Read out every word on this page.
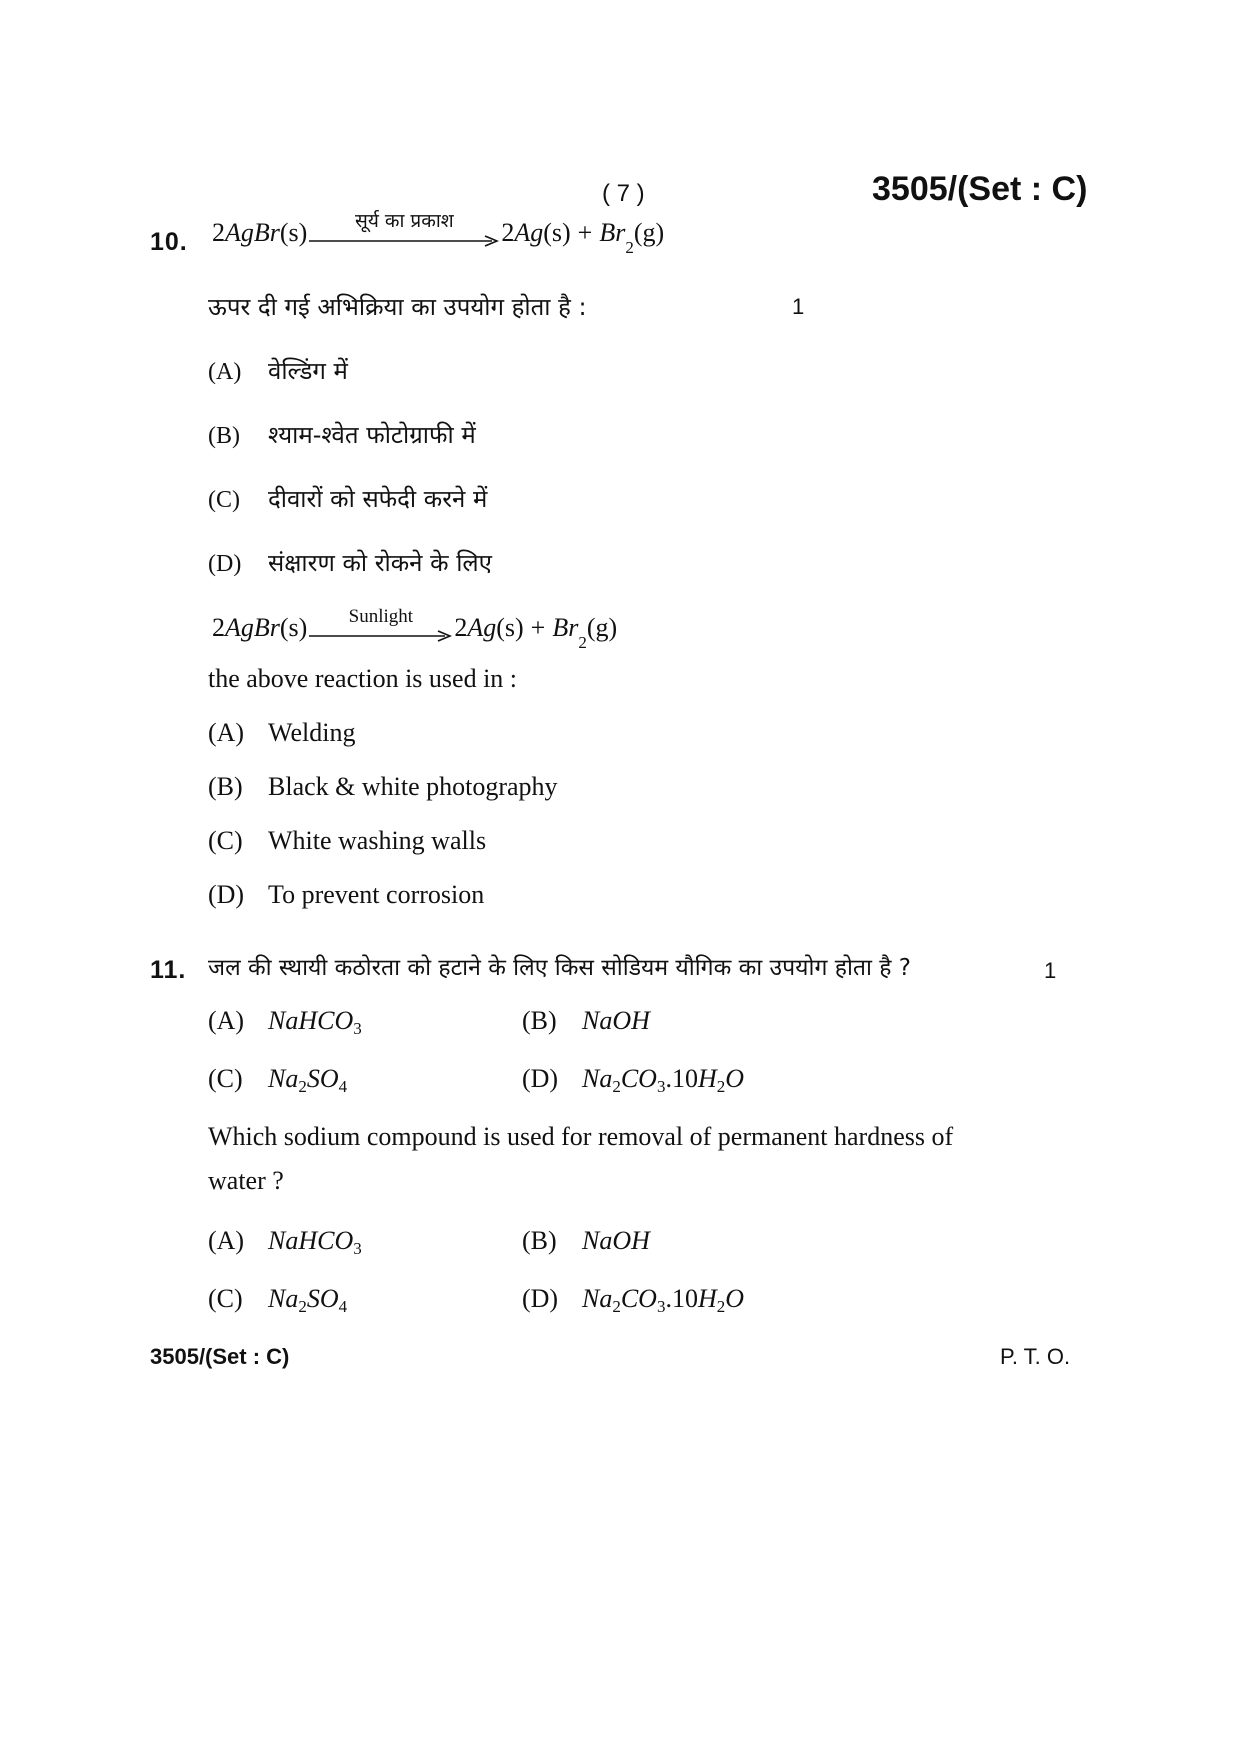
( 7 )	3505/(Set : C)
10. 2 AgBr (s)	सूर्य का प्रकाश 2 Ag (s) + Br
2
(g)
ऊपर दी गई अभिक्रिया का उपयोग होता है :	1
(A) वेल्डिंग में
(B) श्याम-श्वेत फोटोग्राफी में
(C) दीवारों को सफेदी करने में
(D) संक्षारण को रोकने के लिए
2 AgBr (s) Sunlight 2 Ag (s) + Br
2
(g)
the above reaction is used in :
(A) Welding
(B) Black & white photography
(C) White washing walls
(D) To prevent corrosion
11. जल की स्थायी कठोरता को हटाने के लिए किस सोडियम यौगिक का उपयोग होता है ?	1
(A) NaHCO$_3$	(B) NaOH
(C) $Na_2SO_4$	(D) $Na_2CO_3.10H_2O$
Which sodium compound is used for removal of permanent hardness of
water ?
(A) NaHCO$_3$	(B) NaOH
(C) $Na_2SO_4$	(D) $Na_2CO_3.10H_2O$
3505/(Set : C)	P. T. O.
